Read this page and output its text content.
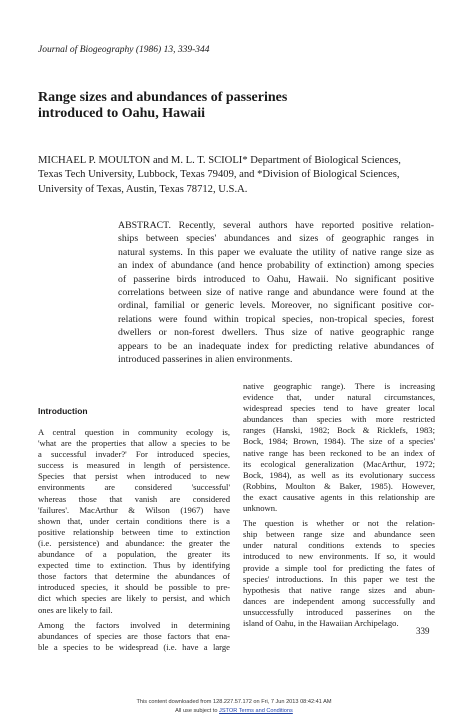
Journal of Biogeography (1986) 13, 339-344
Range sizes and abundances of passerines
introduced to Oahu, Hawaii
MICHAEL P. MOULTON and M. L. T. SCIOLI* Department of Biological Sciences,
Texas Tech University, Lubbock, Texas 79409, and *Division of Biological Sciences,
University of Texas, Austin, Texas 78712, U.S.A.
ABSTRACT. Recently, several authors have reported positive relation-
ships between species' abundances and sizes of geographic ranges in
natural systems. In this paper we evaluate the utility of native range size as
an index of abundance (and hence probability of extinction) among species
of passerine birds introduced to Oahu, Hawaii. No significant positive
correlations between size of native range and abundance were found at the
ordinal, familial or generic levels. Moreover, no significant positive cor-
relations were found within tropical species, non-tropical species, forest
dwellers or non-forest dwellers. Thus size of native geographic range
appears to be an inadequate index for predicting relative abundances of
introduced passerines in alien environments.
Introduction
A central question in community ecology is,
'what are the properties that allow a species to be
a successful invader?' For introduced species,
success is measured in length of persistence.
Species that persist when introduced to new
environments are considered 'successful'
whereas those that vanish are considered
'failures'. MacArthur & Wilson (1967) have
shown that, under certain conditions there is a
positive relationship between time to extinction
(i.e. persistence) and abundance: the greater the
abundance of a population, the greater its
expected time to extinction. Thus by identifying
those factors that determine the abundances of
introduced species, it should be possible to pre-
dict which species are likely to persist, and which
ones are likely to fail.
Among the factors involved in determining
abundances of species are those factors that ena-
ble a species to be widespread (i.e. have a large
native geographic range). There is increasing
evidence that, under natural circumstances,
widespread species tend to have greater local
abundances than species with more restricted
ranges (Hanski, 1982; Bock & Ricklefs, 1983;
Bock, 1984; Brown, 1984). The size of a species'
native range has been reckoned to be an index of
its ecological generalization (MacArthur, 1972;
Bock, 1984), as well as its evolutionary success
(Robbins, Moulton & Baker, 1985). However,
the exact causative agents in this relationship are
unknown.
The question is whether or not the relation-
ship between range size and abundance seen
under natural conditions extends to species
introduced to new environments. If so, it would
provide a simple tool for predicting the fates of
species' introductions. In this paper we test the
hypothesis that native range sizes and abun-
dances are independent among successfully and
unsuccessfully introduced passerines on the
island of Oahu, in the Hawaiian Archipelago.
339
This content downloaded from 128.227.57.172 on Fri, 7 Jun 2013 08:42:41 AM
All use subject to JSTOR Terms and Conditions
